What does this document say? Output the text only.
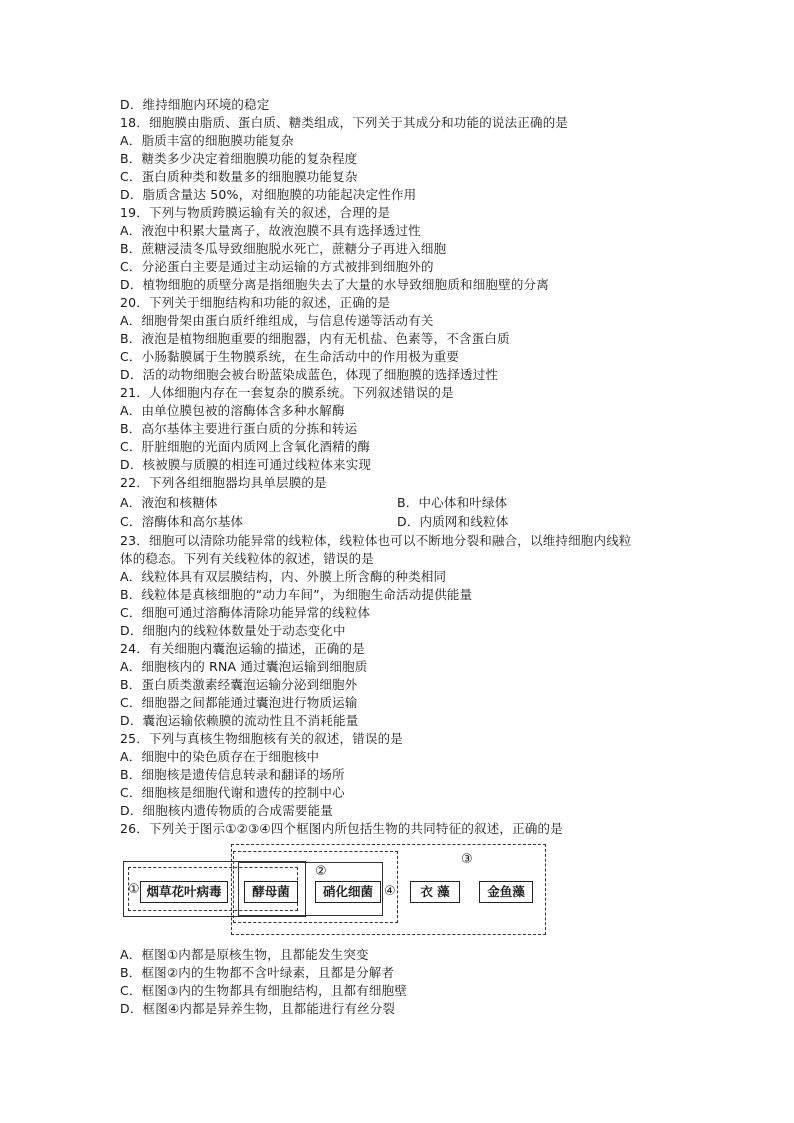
D．维持细胞内环境的稳定
18．细胞膜由脂质、蛋白质、糖类组成，下列关于其成分和功能的说法正确的是
A．脂质丰富的细胞膜功能复杂
B．糖类多少决定着细胞膜功能的复杂程度
C．蛋白质种类和数量多的细胞膜功能复杂
D．脂质含量达 50%，对细胞膜的功能起决定性作用
19．下列与物质跨膜运输有关的叙述，合理的是
A．液泡中积累大量离子，故液泡膜不具有选择透过性
B．蔗糖浸渍冬瓜导致细胞脱水死亡，蔗糖分子再进入细胞
C．分泌蛋白主要是通过主动运输的方式被排到细胞外的
D．植物细胞的质壁分离是指细胞失去了大量的水导致细胞质和细胞壁的分离
20．下列关于细胞结构和功能的叙述，正确的是
A．细胞骨架由蛋白质纤维组成，与信息传递等活动有关
B．液泡是植物细胞重要的细胞器，内有无机盐、色素等，不含蛋白质
C．小肠黏膜属于生物膜系统，在生命活动中的作用极为重要
D．活的动物细胞会被台盼蓝染成蓝色，体现了细胞膜的选择透过性
21．人体细胞内存在一套复杂的膜系统。下列叙述错误的是
A．由单位膜包被的溶酶体含多种水解酶
B．高尔基体主要进行蛋白质的分拣和转运
C．肝脏细胞的光面内质网上含氧化酒精的酶
D．核被膜与质膜的相连可通过线粒体来实现
22．下列各组细胞器均具单层膜的是
A．液泡和核糖体	B．中心体和叶绿体
C．溶酶体和高尔基体	D．内质网和线粒体
23．细胞可以清除功能异常的线粒体，线粒体也可以不断地分裂和融合，以维持细胞内线粒
体的稳态。下列有关线粒体的叙述，错误的是
A．线粒体具有双层膜结构，内、外膜上所含酶的种类相同
B．线粒体是真核细胞的“动力车间”，为细胞生命活动提供能量
C．细胞可通过溶酶体清除功能异常的线粒体
D．细胞内的线粒体数量处于动态变化中
24．有关细胞内囊泡运输的描述，正确的是
A．细胞核内的 RNA 通过囊泡运输到细胞质
B．蛋白质类激素经囊泡运输分泌到细胞外
C．细胞器之间都能通过囊泡进行物质运输
D．囊泡运输依赖膜的流动性且不消耗能量
25．下列与真核生物细胞核有关的叙述，错误的是
A．细胞中的染色质存在于细胞核中
B．细胞核是遗传信息转录和翻译的场所
C．细胞核是细胞代谢和遗传的控制中心
D．细胞核内遗传物质的合成需要能量
26．下列关于图示①②③④四个框图内所包括生物的共同特征的叙述，正确的是
①
②
③
④
烟草花叶病毒	酵母菌	硝化细菌	衣 藻	金鱼藻
A．框图①内都是原核生物，且都能发生突变
B．框图②内的生物都不含叶绿素，且都是分解者
C．框图③内的生物都具有细胞结构，且都有细胞壁
D．框图④内都是异养生物，且都能进行有丝分裂
